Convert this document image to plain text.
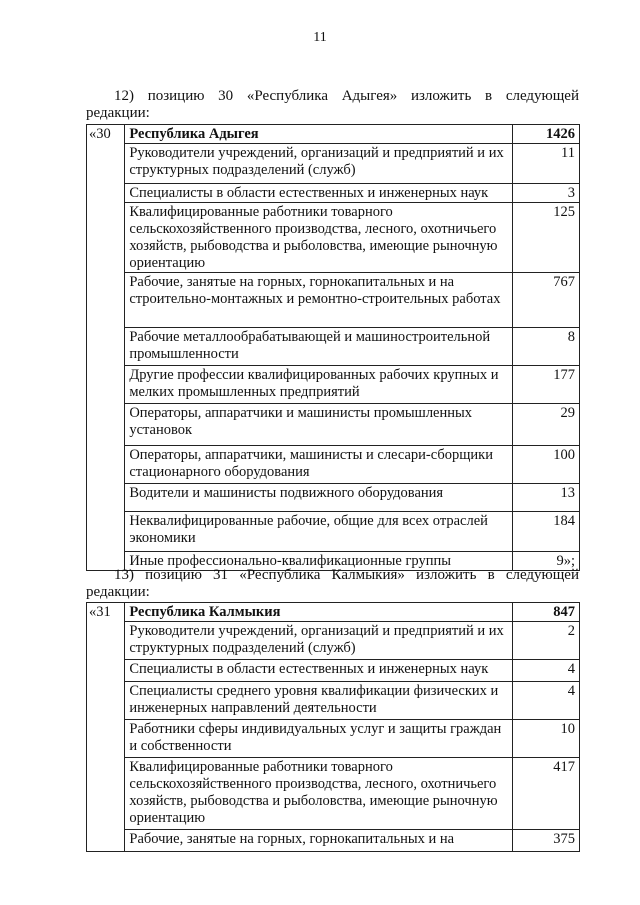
11
12) позицию 30 «Республика Адыгея» изложить в следующей
редакции:
«30	Республика Адыгея	1426
	Руководители учреждений, организаций и предприятий и их структурных подразделений (служб)	11
	Специалисты в области естественных и инженерных наук	3
	Квалифицированные работники товарного сельскохозяйственного производства, лесного, охотничьего хозяйств, рыбоводства и рыболовства, имеющие рыночную ориентацию	125
	Рабочие, занятые на горных, горнокапитальных и на строительно-монтажных и ремонтно-строительных работах	767
	Рабочие металлообрабатывающей и машиностроительной промышленности	8
	Другие профессии квалифицированных рабочих крупных и мелких промышленных предприятий	177
	Операторы, аппаратчики и машинисты промышленных установок	29
	Операторы, аппаратчики, машинисты и слесари-сборщики стационарного оборудования	100
	Водители и машинисты подвижного оборудования	13
	Неквалифицированные рабочие, общие для всех отраслей экономики	184
	Иные профессионально-квалификационные группы	9»;
13) позицию 31 «Республика Калмыкия» изложить в следующей
редакции:
«31	Республика Калмыкия	847
	Руководители учреждений, организаций и предприятий и их структурных подразделений (служб)	2
	Специалисты в области естественных и инженерных наук	4
	Специалисты среднего уровня квалификации физических и инженерных направлений деятельности	4
	Работники сферы индивидуальных услуг и защиты граждан и собственности	10
	Квалифицированные работники товарного сельскохозяйственного производства, лесного, охотничьего хозяйств, рыбоводства и рыболовства, имеющие рыночную ориентацию	417
	Рабочие, занятые на горных, горнокапитальных и на	375
